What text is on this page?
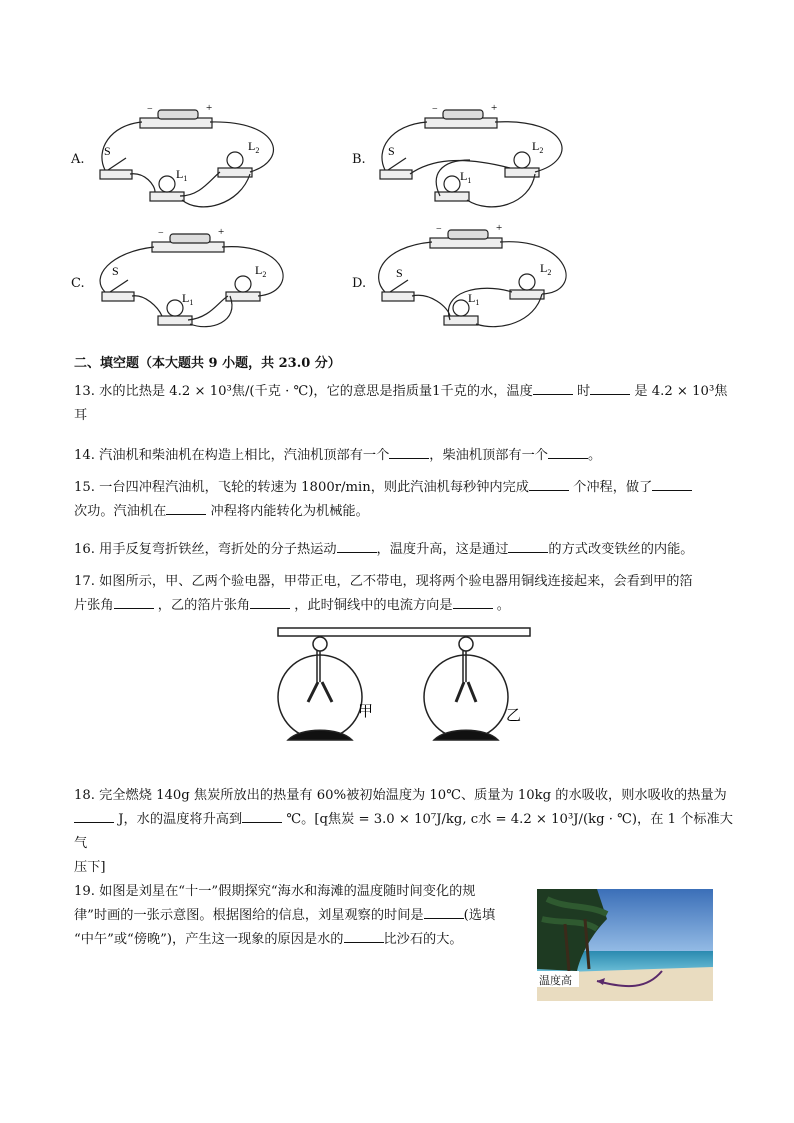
A.
−	+
S
$L_1$
$L_2$
B.
−	+
S
$L_1$
$L_2$
C.
−	+
S
$L_1$
$L_2$
D.
−	+
S
$L_1$
$L_2$
二、填空题（本大题共 9 小题，共 23.0 分）
13. 水的比热是 4.2 × 10³焦/(千克 · ℃)，它的意思是指质量1千克的水，温度	时	是 4.2 × 10³焦
耳
14. 汽油机和柴油机在构造上相比，汽油机顶部有一个	，柴油机顶部有一个	。
15. 一台四冲程汽油机，飞轮的转速为 1800r/min，则此汽油机每秒钟内完成	个冲程，做了
次功。汽油机在	冲程将内能转化为机械能。
16. 用手反复弯折铁丝，弯折处的分子热运动	，温度升高，这是通过	的方式改变铁丝的内能。
17. 如图所示，甲、乙两个验电器，甲带正电，乙不带电，现将两个验电器用铜线连接起来，会看到甲的箔
片张角	，乙的箔片张角	，此时铜线中的电流方向是	。
甲	乙
18. 完全燃烧 140g 焦炭所放出的热量有 60%被初始温度为 10℃、质量为 10kg 的水吸收，则水吸收的热量为
J，水的温度将升高到	℃。[q焦炭 = 3.0 × 10⁷J/kg, c水 = 4.2 × 10³J/(kg · ℃)，在 1 个标准大气
压下]
19. 如图是刘星在“十一”假期探究“海水和海滩的温度随时间变化的规
律”时画的一张示意图。根据图给的信息，刘星观察的时间是	(选填
“中午”或“傍晚”)，产生这一现象的原因是水的	比沙石的大。
温度高
